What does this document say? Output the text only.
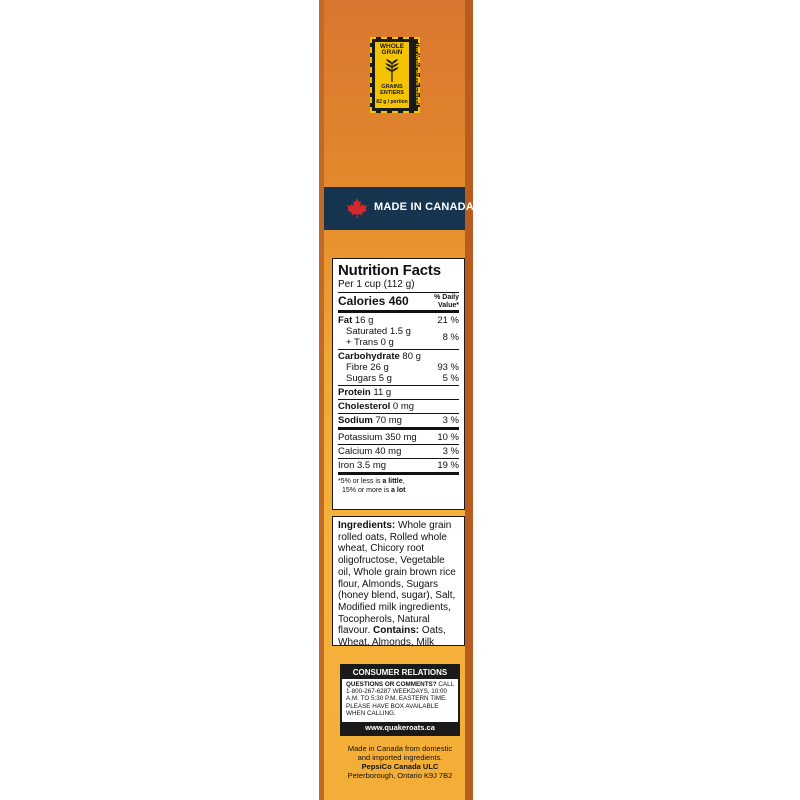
WHOLE GRAIN
GRAINS ENTIERS
82 g / portion	The Whole Grains Council
MADE IN CANADA
Nutrition Facts
Per 1 cup (112 g)
Calories 460	% Daily Value*
Fat 16 g	21 %
Saturated 1.5 g
+ Trans 0 g	8 %
Carbohydrate 80 g
Fibre 26 g	93 %
Sugars 5 g	5 %
Protein 11 g
Cholesterol 0 mg
Sodium 70 mg	3 %
Potassium 350 mg 10 %
Calcium 40 mg	3 %
Iron 3.5 mg	19 %
*5% or less is a little,
15% or more is a lot
Ingredients: Whole grain rolled oats, Rolled whole wheat, Chicory root oligofructose, Vegetable oil, Whole grain brown rice flour, Almonds, Sugars (honey blend, sugar), Salt, Modified milk ingredients, Tocopherols, Natural flavour. Contains: Oats, Wheat, Almonds, Milk
CONSUMER RELATIONS
QUESTIONS OR COMMENTS? CALL 1-800-267-6287 WEEKDAYS, 10:00 A.M. TO 5:30 P.M. EASTERN TIME. PLEASE HAVE BOX AVAILABLE WHEN CALLING.
www.quakeroats.ca
Made in Canada from domestic
and imported ingredients.
PepsiCo Canada ULC
Peterborough, Ontario K9J 7B2
